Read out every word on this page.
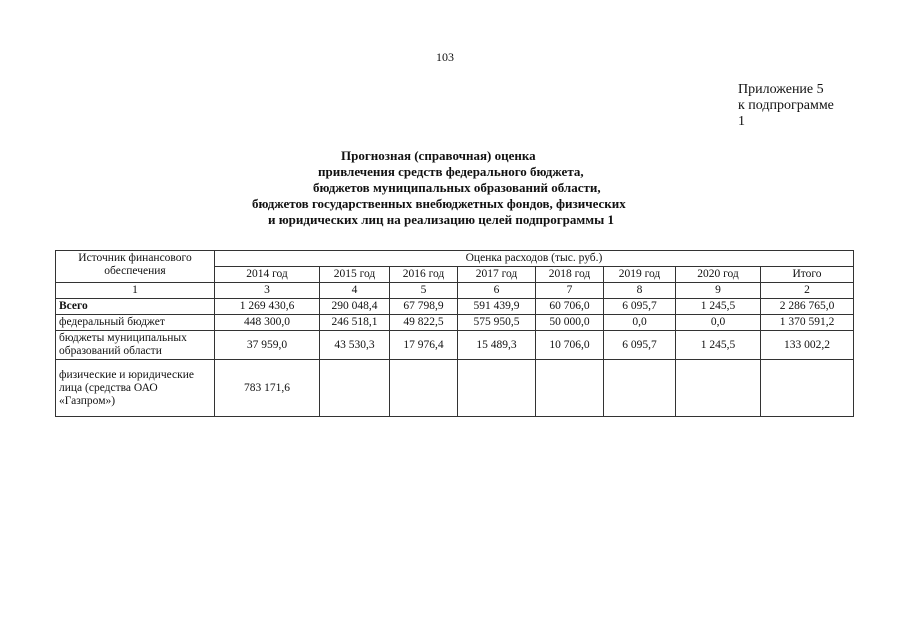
103
Приложение 5
к подпрограмме
1
Прогнозная (справочная) оценка
привлечения средств федерального бюджета,
бюджетов муниципальных образований области,
бюджетов государственных внебюджетных фондов, физических
и юридических лиц на реализацию целей подпрограммы 1
Источник финансового обеспечения	Оценка расходов (тыс. руб.)							
	2014 год	2015 год	2016 год	2017 год	2018 год	2019 год	2020 год	Итого
1	3	4	5	6	7	8	9	2
Всего	1 269 430,6	290 048,4	67 798,9	591 439,9	60 706,0	6 095,7	1 245,5	2 286 765,0
федеральный бюджет	448 300,0	246 518,1	49 822,5	575 950,5	50 000,0	0,0	0,0	1 370 591,2
бюджеты муниципальных образований области	37 959,0	43 530,3	17 976,4	15 489,3	10 706,0	6 095,7	1 245,5	133 002,2
физические и юридические лица (средства ОАО «Газпром»)	783 171,6							
